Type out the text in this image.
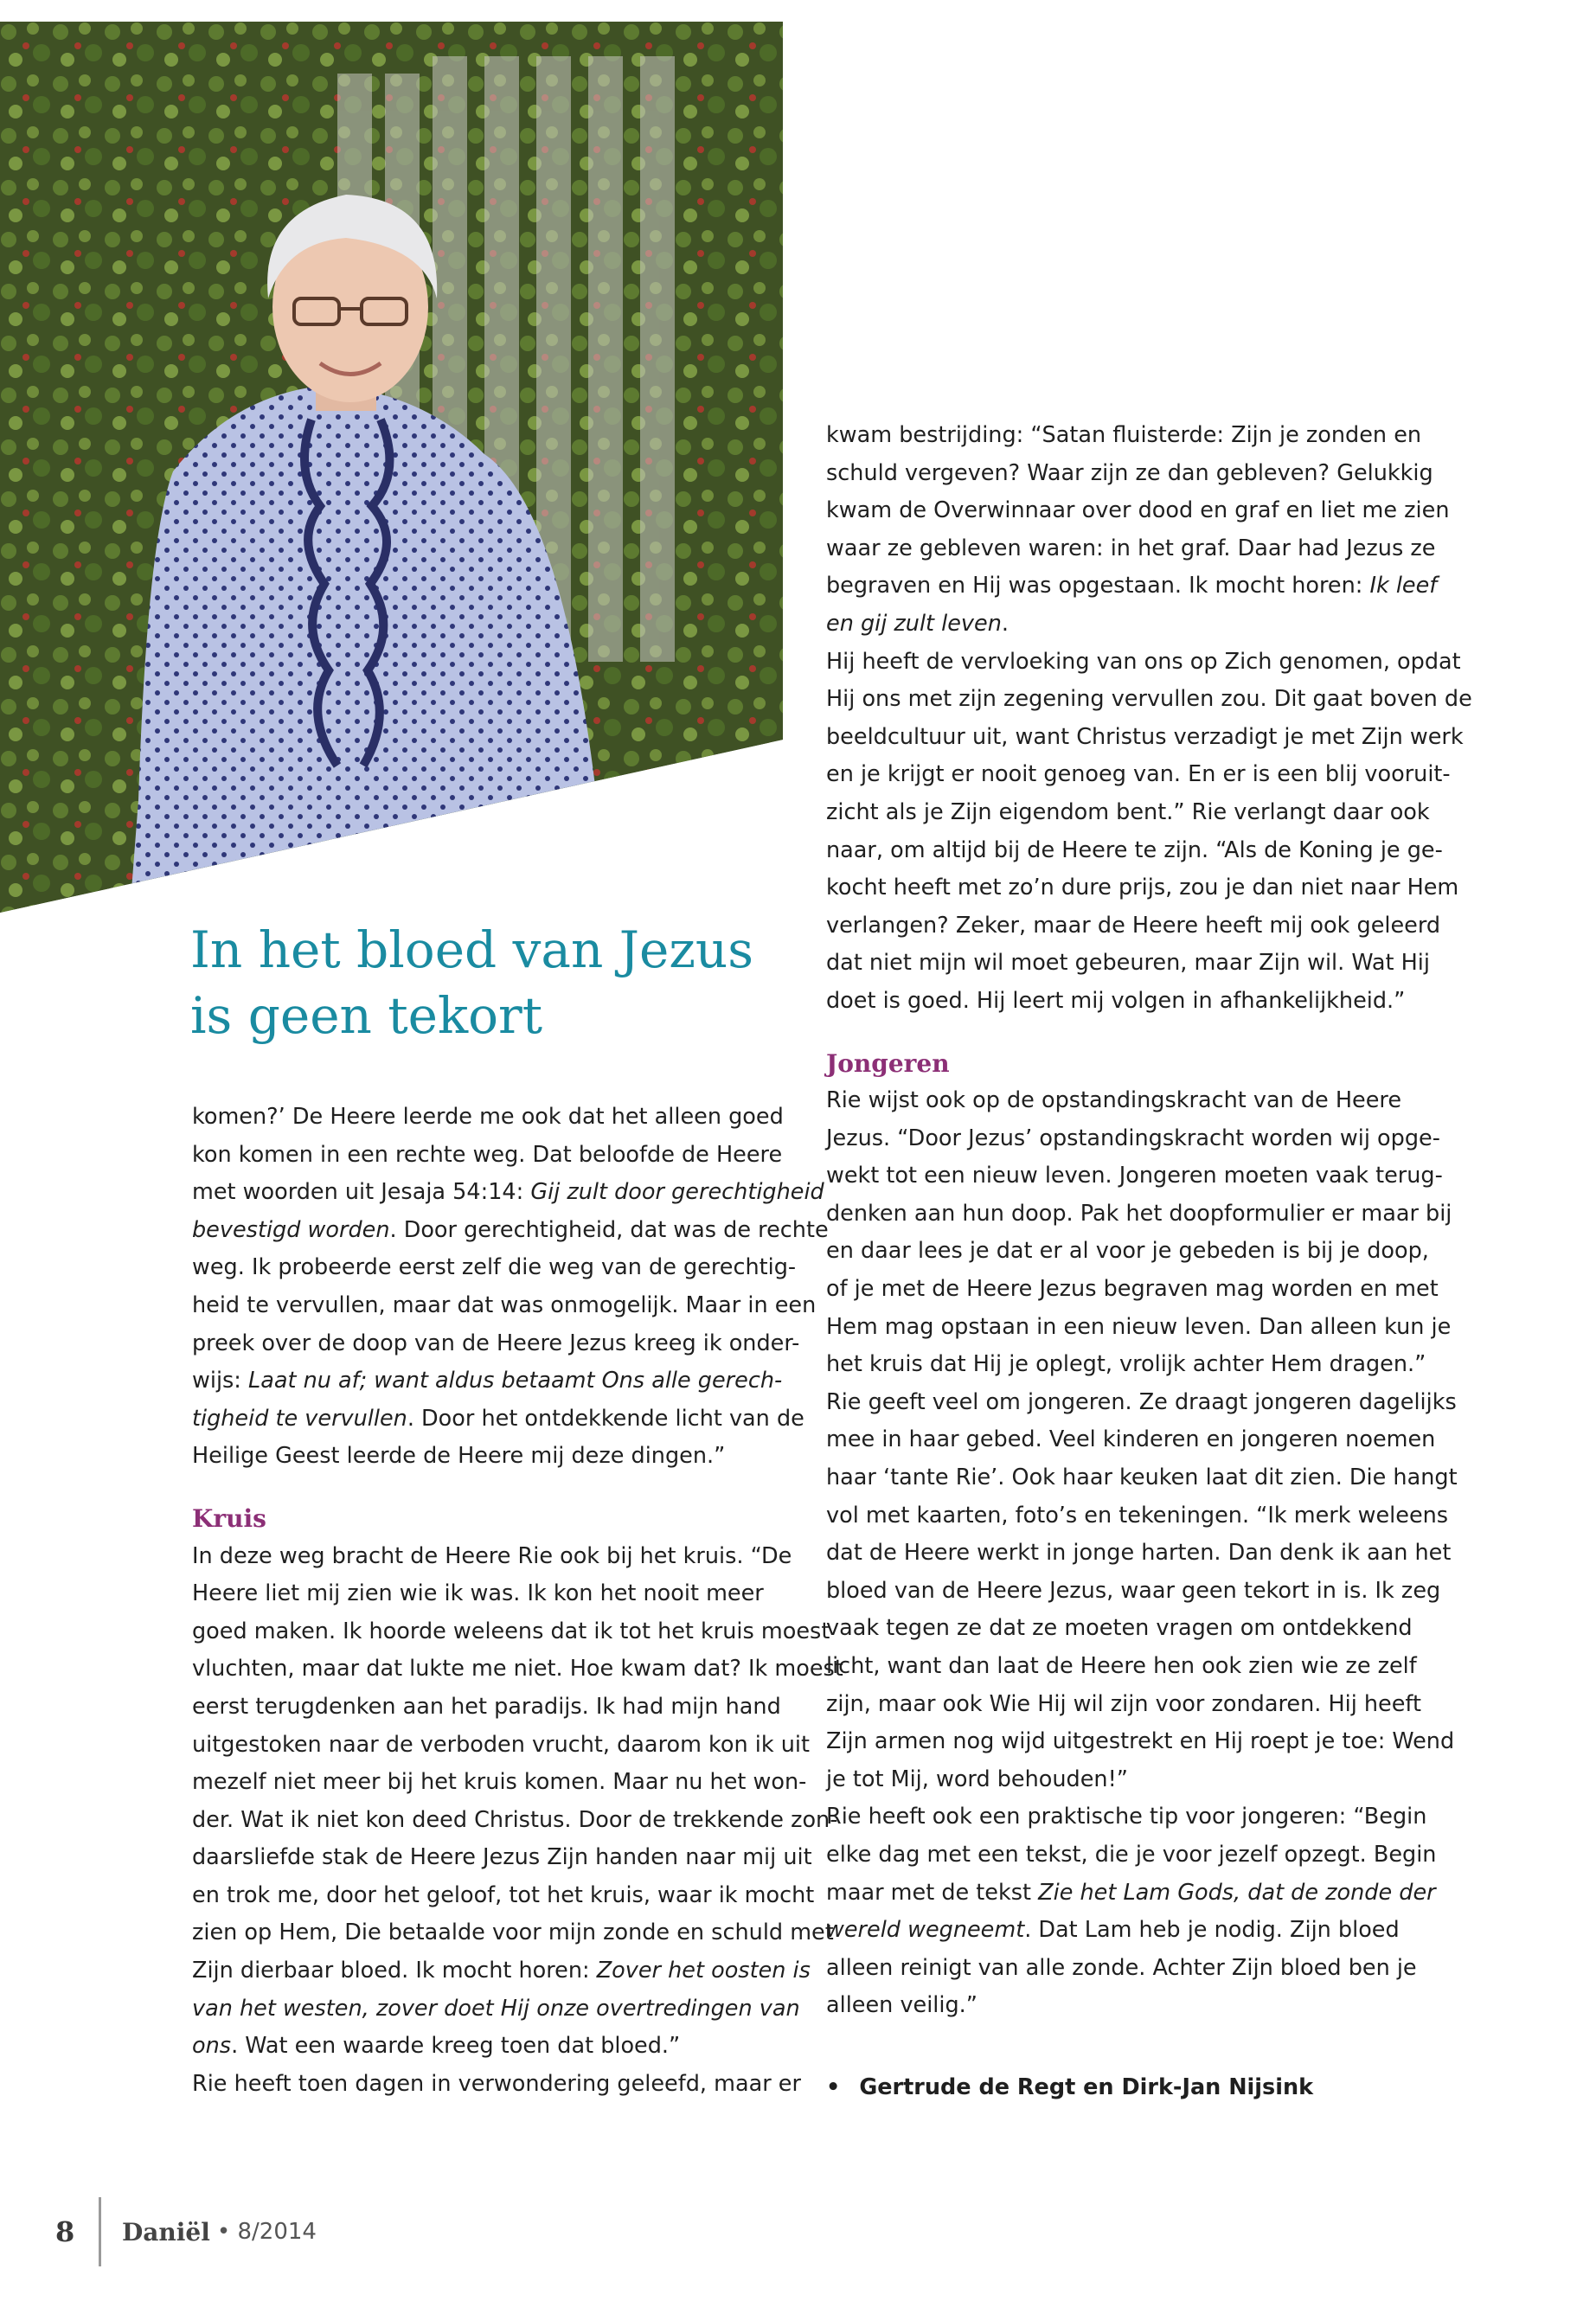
In het bloed van Jezus
is geen tekort

komen?’ De Heere leerde me ook dat het alleen goed
kon komen in een rechte weg. Dat beloofde de Heere
met woorden uit Jesaja 54:14: Gij zult door gerechtigheid
bevestigd worden. Door gerechtigheid, dat was de rechte
weg. Ik probeerde eerst zelf die weg van de gerechtig-
heid te vervullen, maar dat was onmogelijk. Maar in een
preek over de doop van de Heere Jezus kreeg ik onder-
wijs: Laat nu af; want aldus betaamt Ons alle gerech-
tigheid te vervullen. Door het ontdekkende licht van de
Heilige Geest leerde de Heere mij deze dingen.”

Kruis

In deze weg bracht de Heere Rie ook bij het kruis. “De
Heere liet mij zien wie ik was. Ik kon het nooit meer
goed maken. Ik hoorde weleens dat ik tot het kruis moest
vluchten, maar dat lukte me niet. Hoe kwam dat? Ik moest
eerst terugdenken aan het paradijs. Ik had mijn hand
uitgestoken naar de verboden vrucht, daarom kon ik uit
mezelf niet meer bij het kruis komen. Maar nu het won-
der. Wat ik niet kon deed Christus. Door de trekkende zon-
daarsliefde stak de Heere Jezus Zijn handen naar mij uit
en trok me, door het geloof, tot het kruis, waar ik mocht
zien op Hem, Die betaalde voor mijn zonde en schuld met
Zijn dierbaar bloed. Ik mocht horen: Zover het oosten is
van het westen, zover doet Hij onze overtredingen van
ons. Wat een waarde kreeg toen dat bloed.”
Rie heeft toen dagen in verwondering geleefd, maar er

kwam bestrijding: “Satan fluisterde: Zijn je zonden en
schuld vergeven? Waar zijn ze dan gebleven? Gelukkig
kwam de Overwinnaar over dood en graf en liet me zien
waar ze gebleven waren: in het graf. Daar had Jezus ze
begraven en Hij was opgestaan. Ik mocht horen: Ik leef
en gij zult leven.
Hij heeft de vervloeking van ons op Zich genomen, opdat
Hij ons met zijn zegening vervullen zou. Dit gaat boven de
beeldcultuur uit, want Christus verzadigt je met Zijn werk
en je krijgt er nooit genoeg van. En er is een blij vooruit-
zicht als je Zijn eigendom bent.” Rie verlangt daar ook
naar, om altijd bij de Heere te zijn. “Als de Koning je ge-
kocht heeft met zo’n dure prijs, zou je dan niet naar Hem
verlangen? Zeker, maar de Heere heeft mij ook geleerd
dat niet mijn wil moet gebeuren, maar Zijn wil. Wat Hij
doet is goed. Hij leert mij volgen in afhankelijkheid.”

Jongeren

Rie wijst ook op de opstandingskracht van de Heere
Jezus. “Door Jezus’ opstandingskracht worden wij opge-
wekt tot een nieuw leven. Jongeren moeten vaak terug-
denken aan hun doop. Pak het doopformulier er maar bij
en daar lees je dat er al voor je gebeden is bij je doop,
of je met de Heere Jezus begraven mag worden en met
Hem mag opstaan in een nieuw leven. Dan alleen kun je
het kruis dat Hij je oplegt, vrolijk achter Hem dragen.”
Rie geeft veel om jongeren. Ze draagt jongeren dagelijks
mee in haar gebed. Veel kinderen en jongeren noemen
haar ‘tante Rie’. Ook haar keuken laat dit zien. Die hangt
vol met kaarten, foto’s en tekeningen. “Ik merk weleens
dat de Heere werkt in jonge harten. Dan denk ik aan het
bloed van de Heere Jezus, waar geen tekort in is. Ik zeg
vaak tegen ze dat ze moeten vragen om ontdekkend
licht, want dan laat de Heere hen ook zien wie ze zelf
zijn, maar ook Wie Hij wil zijn voor zondaren. Hij heeft
Zijn armen nog wijd uitgestrekt en Hij roept je toe: Wend
je tot Mij, word behouden!”
Rie heeft ook een praktische tip voor jongeren: “Begin
elke dag met een tekst, die je voor jezelf opzegt. Begin
maar met de tekst Zie het Lam Gods, dat de zonde der
wereld wegneemt. Dat Lam heb je nodig. Zijn bloed
alleen reinigt van alle zonde. Achter Zijn bloed ben je
alleen veilig.”

• Gertrude de Regt en Dirk-Jan Nijsink
8	Daniël • 8/2014
